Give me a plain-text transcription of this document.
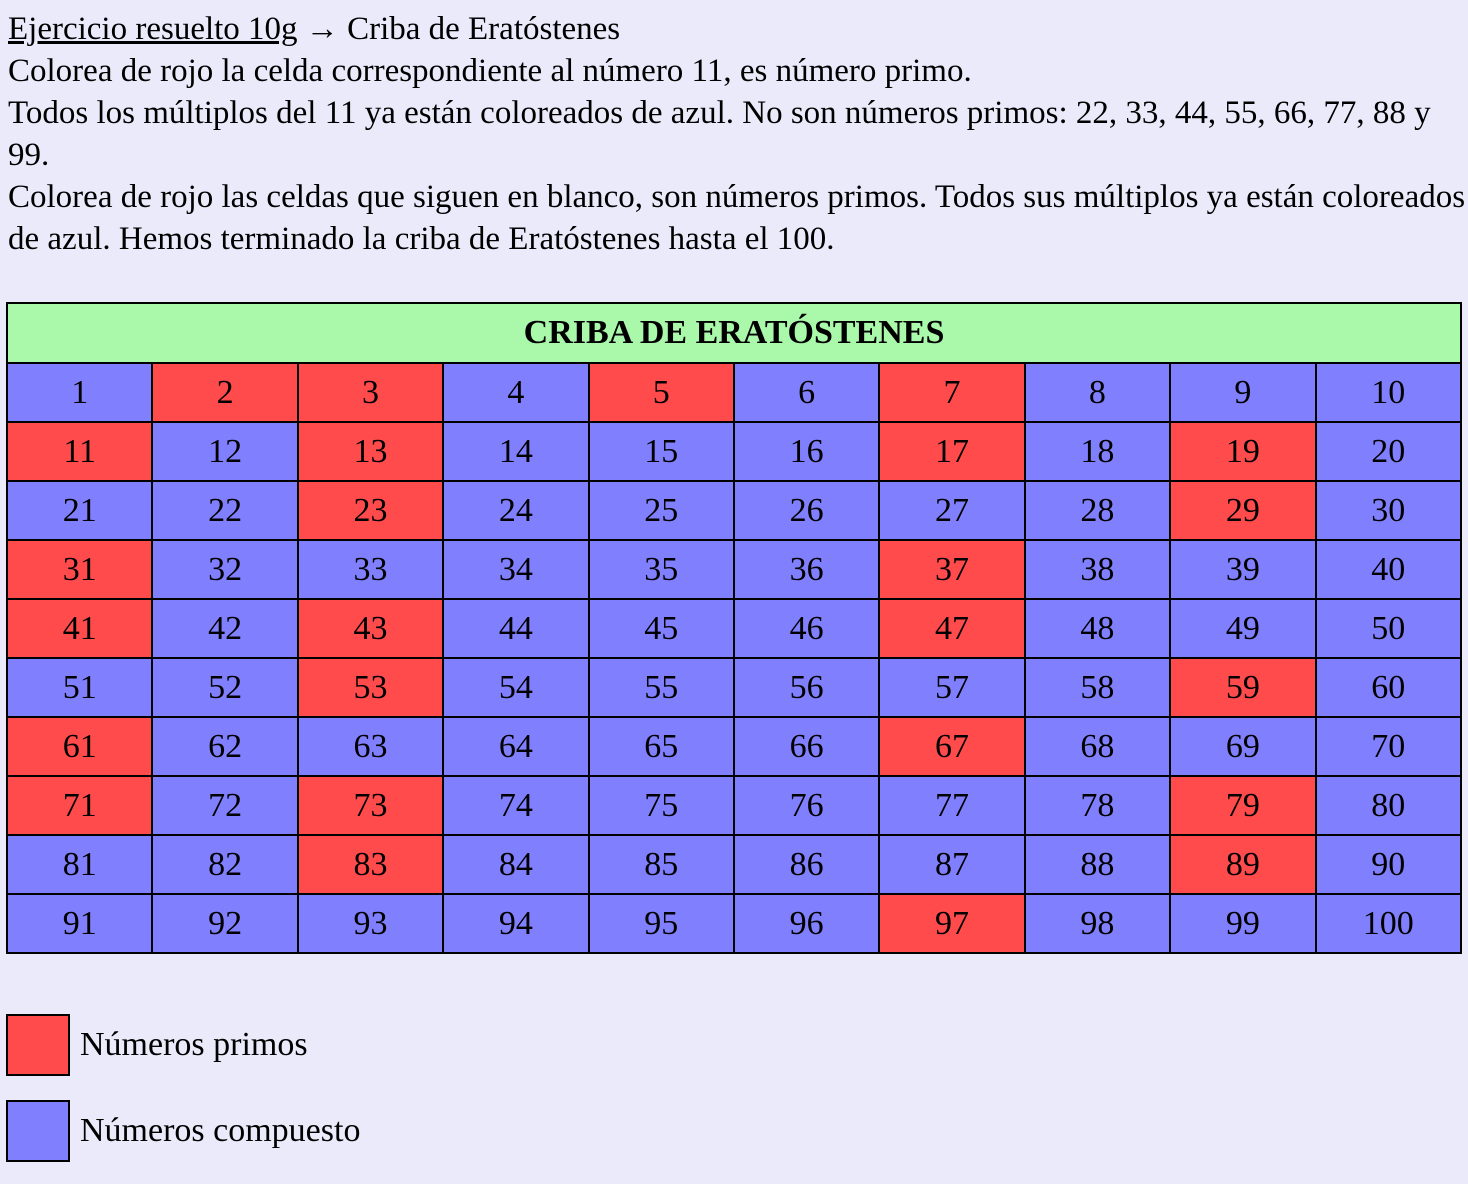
Ejercicio resuelto 10g → Criba de Eratóstenes

Colorea de rojo la celda correspondiente al número 11, es número primo.

Todos los múltiplos del 11 ya están coloreados de azul. No son números primos: 22, 33, 44, 55, 66, 77, 88 y 99.

Colorea de rojo las celdas que siguen en blanco, son números primos. Todos sus múltiplos ya están coloreados de azul. Hemos terminado la criba de Eratóstenes hasta el 100.

CRIBA DE ERATÓSTENES									
1	2	3	4	5	6	7	8	9	10
11	12	13	14	15	16	17	18	19	20
21	22	23	24	25	26	27	28	29	30
31	32	33	34	35	36	37	38	39	40
41	42	43	44	45	46	47	48	49	50
51	52	53	54	55	56	57	58	59	60
61	62	63	64	65	66	67	68	69	70
71	72	73	74	75	76	77	78	79	80
81	82	83	84	85	86	87	88	89	90
91	92	93	94	95	96	97	98	99	100
Números primos
Números compuesto
